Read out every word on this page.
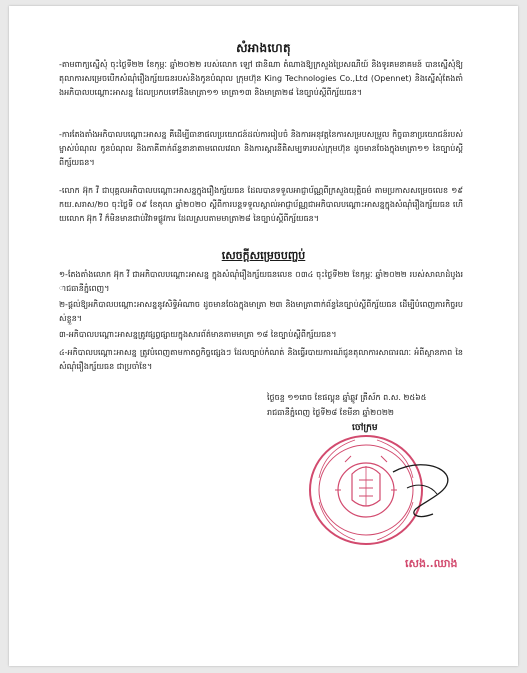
សំអាងហេតុ
-តាមពាក្យស្នើសុំ ចុះថ្ងៃទី២២ ខែកុម្ភៈ ឆ្នាំ២០២២ របស់លោក ឡៅ ផានិណា តំណាងឱ្យក្រសួងប្រៃសណីយ៍ និងទូរគមនាគមន៍ បានស្នើសុំឱ្យតុលាការសម្រេចបើកសំណុំរឿងក្ស័យធនរបស់និងកូនបំណុល ក្រុមហ៊ុន King Technologies Co.,Ltd (Opennet) និងស្នើសុំតែងតាំងអភិបាលបណ្ដោះអាសន្ន ដែលប្រកបទៅនឹងមាត្រា១១ មាត្រា១៣ និងមាត្រា២៨ នៃច្បាប់ស្ដីពីក្ស័យធន។
-ការតែងតាំងអភិបាលបណ្ដោះអាសន្ន គឺដើម្បីធានាផលប្រយោជន៍ដល់ការរៀបចំ និងការអនុវត្តនៃការសម្របសម្រួល កិច្ចធានាប្រយោជន៍របស់ម្ចាស់បំណុល កូនបំណុល និងភាគីពាក់ព័ន្ធនានាតាមពេលវេលា និងការស្ដារនីតិសម្បទារបស់ក្រុមហ៊ុន ដូចមានចែងក្នុងមាត្រា១១ នៃច្បាប់ស្ដីពីក្ស័យធន។
-លោក អ៊ុក វី ជាបុគ្គលអភិបាលបណ្ដោះអាសន្នក្នុងរឿងក្ស័យធន ដែលបានទទួលអាជ្ញាប័ណ្ណពីក្រសួងយុត្តិធម៌ តាមប្រកាសសម្រេចលេខ ១៩ កយ.សរាស/២០ ចុះថ្ងៃទី ០៩ ខែតុលា ឆ្នាំ២០២០ ស្ដីពីការបន្តទទួលស្គាល់អាជ្ញាប័ណ្ណជាអភិបាលបណ្ដោះអាសន្នក្នុងសំណុំរឿងក្ស័យធន ហើយលោក អ៊ុក វី ក៏មិនមានជាប់វិវាទផ្លូវការ ដែលស្របតាមមាត្រា២៨ នៃច្បាប់ស្ដីពីក្ស័យធន។
សេចក្ដីសម្រេចបញ្ចប់
១-តែងតាំងលោក អ៊ុក វី ជាអភិបាលបណ្ដោះអាសន្ន ក្នុងសំណុំរឿងក្ស័យធនលេខ ០៣៤ ចុះថ្ងៃទី២២ ខែកុម្ភៈ ឆ្នាំ២០២២ របស់សាលាដំបូងរាជធានីភ្នំពេញ។
២-ផ្ដល់ឱ្យអភិបាលបណ្ដោះអាសន្ននូវសិទ្ធិអំណាច ដូចមានចែងក្នុងមាត្រា ២៣ និងមាត្រាពាក់ព័ន្ធនៃច្បាប់ស្ដីពីក្ស័យធន ដើម្បីបំពេញភារកិច្ចរបស់ខ្លួន។
៣-អភិបាលបណ្ដោះអាសន្នត្រូវផ្សព្វផ្សាយក្នុងសារព័ត៌មានតាមមាត្រា ១៨ នៃច្បាប់ស្ដីពីក្ស័យធន។
៤-អភិបាលបណ្ដោះអាសន្ន ត្រូវបំពេញតាមកាតព្វកិច្ចផ្សេងៗ ដែលច្បាប់កំណត់ និងធ្វើរបាយការណ៍ជូនតុលាការសាធារណៈ អំពីស្ថានភាព នៃសំណុំរឿងក្ស័យធន ជាប្រចាំខែ។
ថ្ងៃចន្ទ ១១រោច ខែផល្គុន ឆ្នាំឆ្លូវ ត្រីស័ក ព.ស. ២៥៦៥
រាជធានីភ្នំពេញ ថ្ងៃទី២៨ ខែមីនា ឆ្នាំ២០២២
ចៅក្រម
សេង..ឈាង
